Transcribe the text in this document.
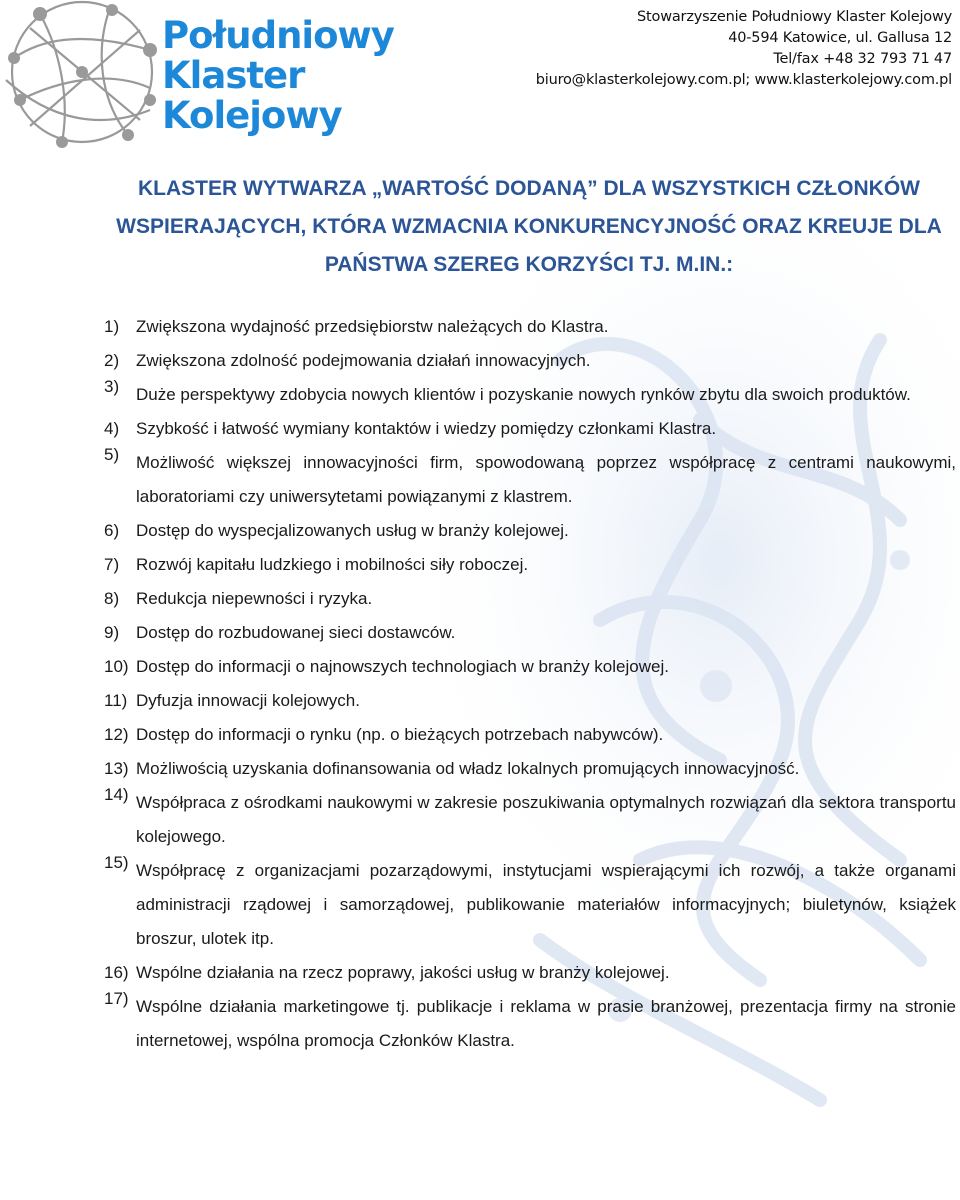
Południowy
Klaster
Kolejowy
Stowarzyszenie Południowy Klaster Kolejowy
40-594 Katowice, ul. Gallusa 12
Tel/fax +48 32 793 71 47
biuro@klasterkolejowy.com.pl; www.klasterkolejowy.com.pl
KLASTER WYTWARZA „WARTOŚĆ DODANĄ” DLA WSZYSTKICH CZŁONKÓW
WSPIERAJĄCYCH, KTÓRA WZMACNIA KONKURENCYJNOŚĆ ORAZ KREUJE DLA
PAŃSTWA SZEREG KORZYŚCI TJ. M.IN.:
1) Zwiększona wydajność przedsiębiorstw należących do Klastra.
2) Zwiększona zdolność podejmowania działań innowacyjnych.
3) Duże perspektywy zdobycia nowych klientów i pozyskanie nowych rynków zbytu dla swoich produktów.
4) Szybkość i łatwość wymiany kontaktów i wiedzy pomiędzy członkami Klastra.
5) Możliwość większej innowacyjności firm, spowodowaną poprzez współpracę z centrami naukowymi, laboratoriami czy uniwersytetami powiązanymi z klastrem.
6) Dostęp do wyspecjalizowanych usług w branży kolejowej.
7) Rozwój kapitału ludzkiego i mobilności siły roboczej.
8) Redukcja niepewności i ryzyka.
9) Dostęp do rozbudowanej sieci dostawców.
10) Dostęp do informacji o najnowszych technologiach w branży kolejowej.
11) Dyfuzja innowacji kolejowych.
12) Dostęp do informacji o rynku (np. o bieżących potrzebach nabywców).
13) Możliwością uzyskania dofinansowania od władz lokalnych promujących innowacyjność.
14) Współpraca z ośrodkami naukowymi w zakresie poszukiwania optymalnych rozwiązań dla sektora transportu kolejowego.
15) Współpracę z organizacjami pozarządowymi, instytucjami wspierającymi ich rozwój, a także organami administracji rządowej i samorządowej, publikowanie materiałów informacyjnych; biuletynów, książek broszur, ulotek itp.
16) Wspólne działania na rzecz poprawy, jakości usług w branży kolejowej.
17) Wspólne działania marketingowe tj. publikacje i reklama w prasie branżowej, prezentacja firmy na stronie internetowej, wspólna promocja Członków Klastra.
